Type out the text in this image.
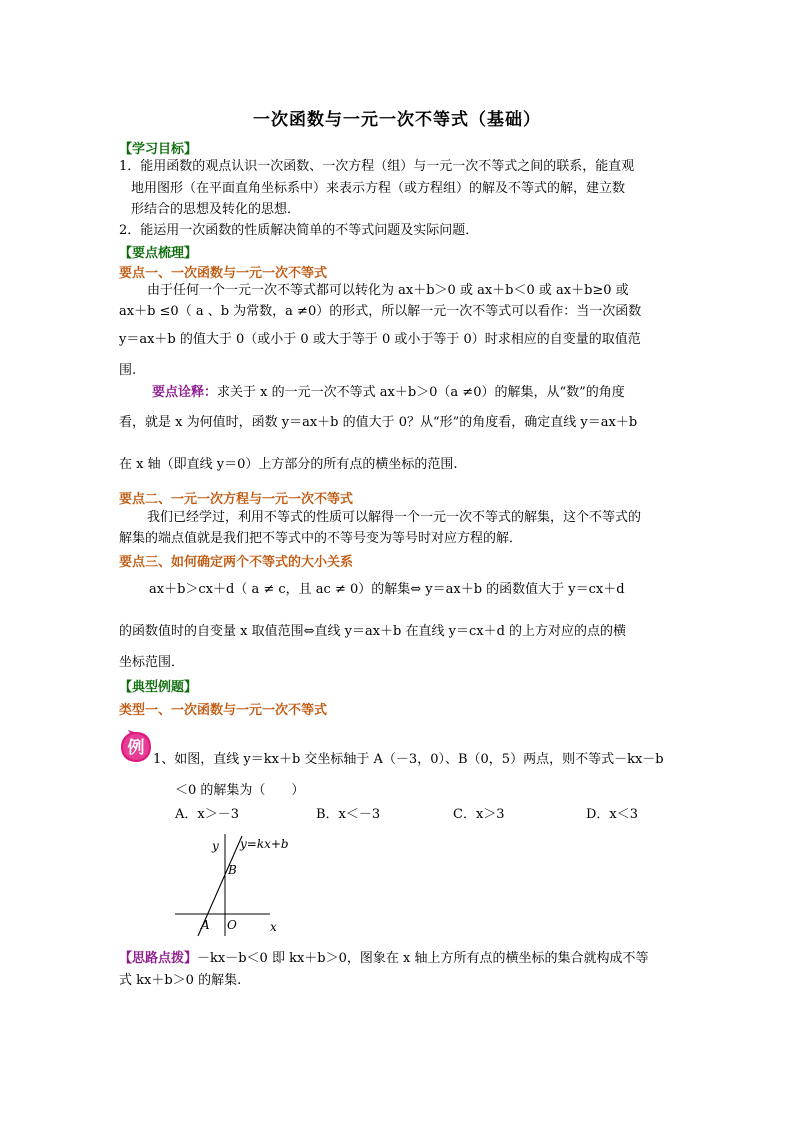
一次函数与一元一次不等式（基础）
【学习目标】
1．能用函数的观点认识一次函数、一次方程（组）与一元一次不等式之间的联系，能直观
地用图形（在平面直角坐标系中）来表示方程（或方程组）的解及不等式的解，建立数
形结合的思想及转化的思想．
2．能运用一次函数的性质解决简单的不等式问题及实际问题．
【要点梳理】
要点一、一次函数与一元一次不等式
由于任何一个一元一次不等式都可以转化为 ax＋b＞0 或 ax＋b＜0 或 ax＋b≥0 或
ax＋b ≤0（ a 、b 为常数，a ≠0）的形式，所以解一元一次不等式可以看作：当一次函数
y＝ax＋b 的值大于 0（或小于 0 或大于等于 0 或小于等于 0）时求相应的自变量的取值范
围.
要点诠释：求关于 x 的一元一次不等式 ax＋b＞0（a ≠0）的解集，从“数”的角度
看，就是 x 为何值时，函数 y＝ax＋b 的值大于 0？从“形”的角度看，确定直线 y＝ax＋b
在 x 轴（即直线 y＝0）上方部分的所有点的横坐标的范围.
要点二、一元一次方程与一元一次不等式
我们已经学过，利用不等式的性质可以解得一个一元一次不等式的解集，这个不等式的
解集的端点值就是我们把不等式中的不等号变为等号时对应方程的解．
要点三、如何确定两个不等式的大小关系
ax＋b＞cx＋d（ a ≠ c，且 ac ≠ 0）的解集⇔ y＝ax＋b 的函数值大于 y＝cx＋d
的函数值时的自变量 x 取值范围⇔直线 y＝ax＋b 在直线 y＝cx＋d 的上方对应的点的横
坐标范围．
【典型例题】
类型一、一次函数与一元一次不等式
例
1、如图，直线 y＝kx＋b 交坐标轴于 A（－3，0）、B（0，5）两点，则不等式－kx－b
＜0 的解集为（　　）
A．x＞－3	B．x＜－3	C．x＞3	D．x＜3
y y=kx+b
B
A O	x
【思路点拨】－kx－b＜0 即 kx＋b＞0，图象在 x 轴上方所有点的横坐标的集合就构成不等
式 kx＋b＞0 的解集.
